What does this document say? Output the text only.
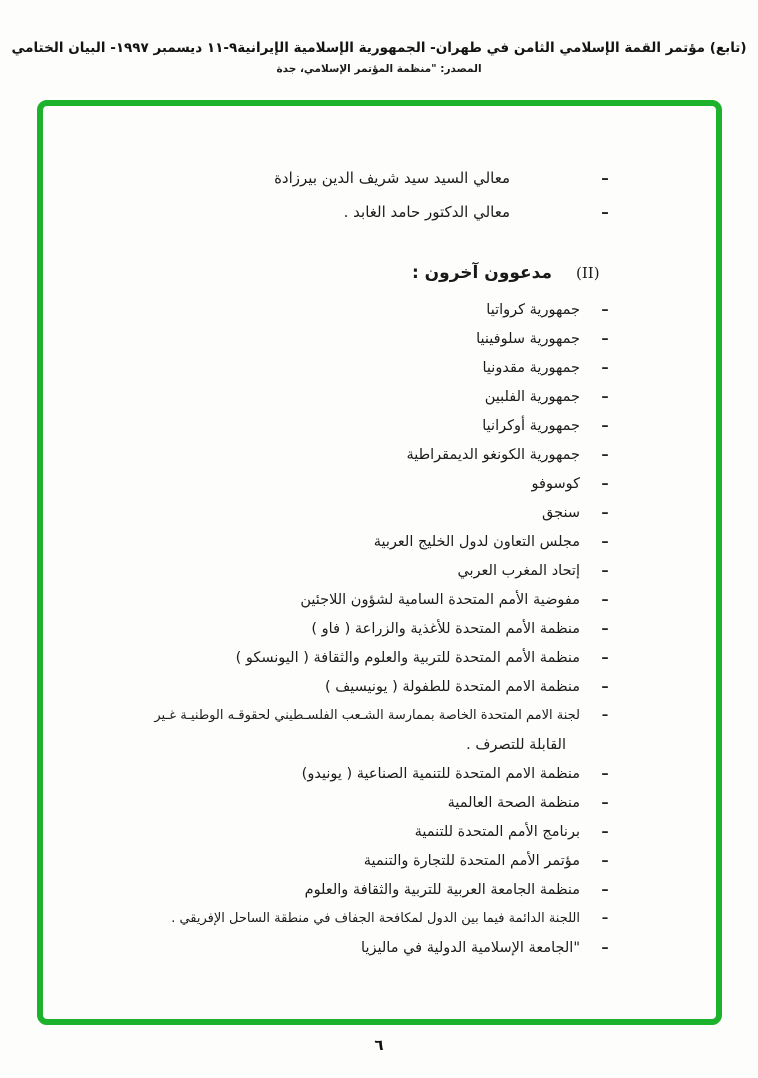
(تابع) مؤتمر القمة الإسلامي الثامن في طهران- الجمهورية الإسلامية الإيرانية٩-١١ ديسمبر ١٩٩٧- البيان الختامي
المصدر: "منظمة المؤتمر الإسلامي، جدة
–
معالي السيد سيد شريف الدين بيرزادة
–
معالي الدكتور حامد الغابد .
(II)
مدعوون آخرون :
–
جمهورية كرواتيا
–
جمهورية سلوفينيا
–
جمهورية مقدونيا
–
جمهورية الفلبين
–
جمهورية أوكرانيا
–
جمهورية الكونغو الديمقراطية
–
كوسوفو
–
سنجق
–
مجلس التعاون لدول الخليج العربية
–
إتحاد المغرب العربي
–
مفوضية الأمم المتحدة السامية لشؤون اللاجئين
–
منظمة الأمم المتحدة للأغذية والزراعة ( فاو )
–
منظمة الأمم المتحدة للتربية والعلوم والثقافة ( اليونسكو )
–
منظمة الامم المتحدة للطفولة ( يونيسيف )
–
لجنة الامم المتحدة الخاصة بممارسة الشـعب الفلسـطيني لحقوقـه الوطنيـة غـير
القابلة للتصرف .
–
منظمة الامم المتحدة للتنمية الصناعية ( يونيدو)
–
منظمة الصحة العالمية
–
برنامج الأمم المتحدة للتنمية
–
مؤتمر الأمم المتحدة للتجارة والتنمية
–
منظمة الجامعة العربية للتربية والثقافة والعلوم
–
اللجنة الدائمة فيما بين الدول لمكافحة الجفاف في منطقة الساحل الإفريقي .
–
"الجامعة الإسلامية الدولية في ماليزيا
٦
